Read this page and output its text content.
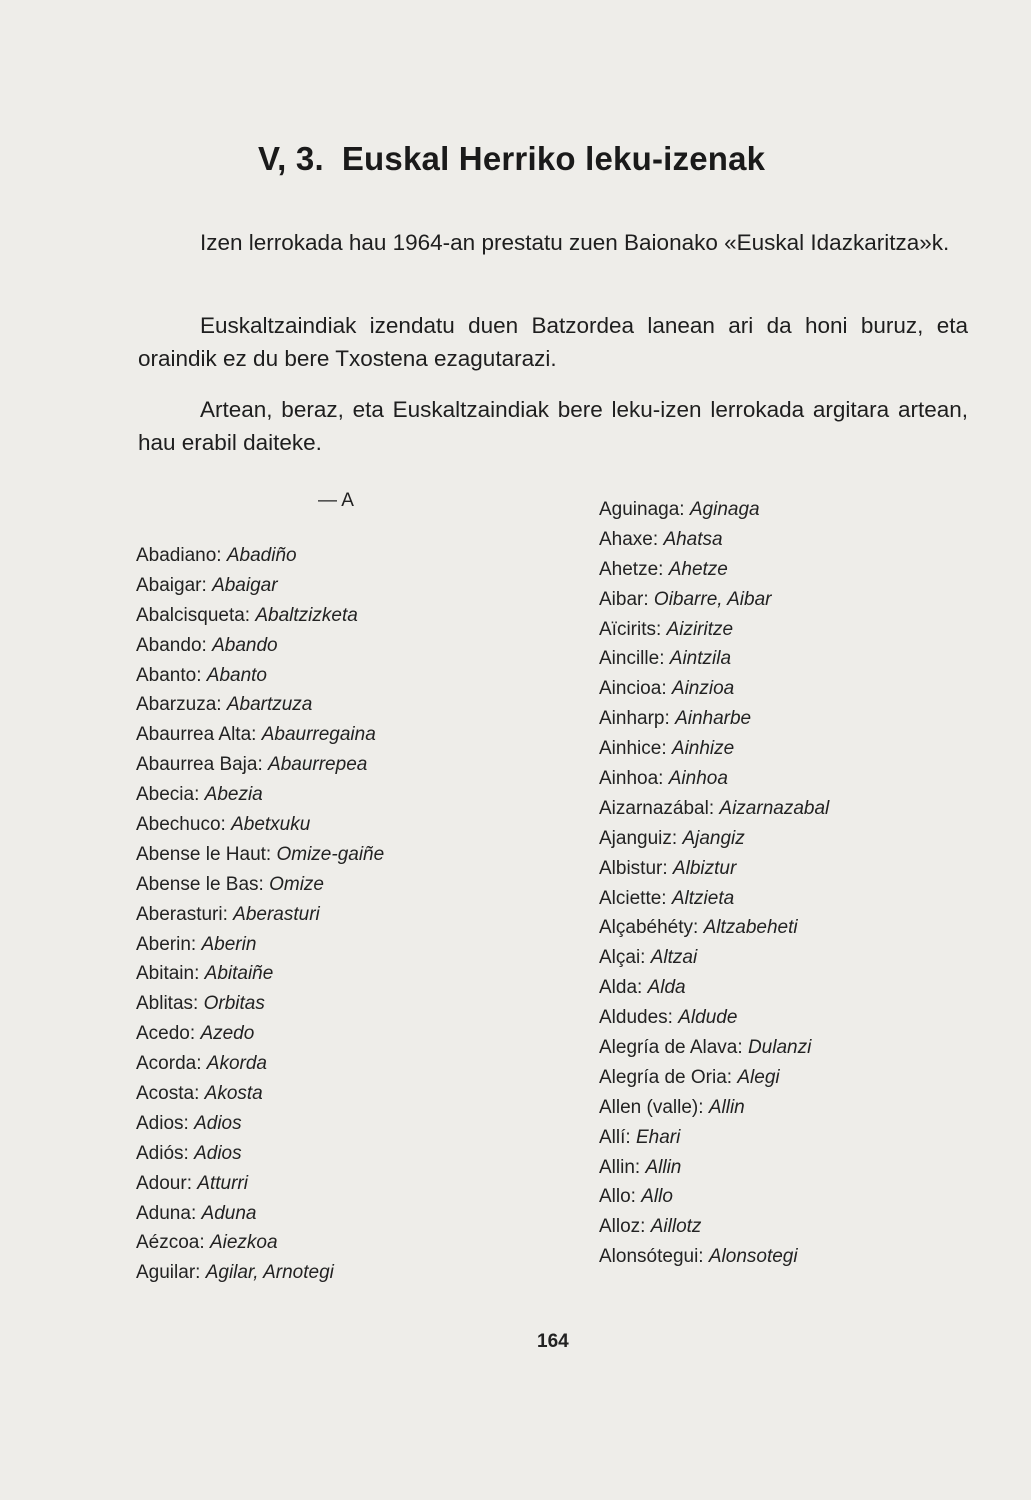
V, 3. Euskal Herriko leku-izenak

Izen lerrokada hau 1964-an prestatu zuen Baionako «Euskal Idazkaritza»k.

Euskaltzaindiak izendatu duen Batzordea lanean ari da honi buruz, eta oraindik ez du bere Txostena ezagutarazi.

Artean, beraz, eta Euskaltzaindiak bere leku-izen lerrokada argitara artean, hau erabil daiteke.

— A
Abadiano: Abadiño
Abaigar: Abaigar
Abalcisqueta: Abaltzizketa
Abando: Abando
Abanto: Abanto
Abarzuza: Abartzuza
Abaurrea Alta: Abaurregaina
Abaurrea Baja: Abaurrepea
Abecia: Abezia
Abechuco: Abetxuku
Abense le Haut: Omize-gaiñe
Abense le Bas: Omize
Aberasturi: Aberasturi
Aberin: Aberin
Abitain: Abitaiñe
Ablitas: Orbitas
Acedo: Azedo
Acorda: Akorda
Acosta: Akosta
Adios: Adios
Adiós: Adios
Adour: Atturri
Aduna: Aduna
Aézcoa: Aiezkoa
Aguilar: Agilar, Arnotegi
Aguinaga: Aginaga
Ahaxe: Ahatsa
Ahetze: Ahetze
Aibar: Oibarre, Aibar
Aïcirits: Aiziritze
Aincille: Aintzila
Aincioa: Ainzioa
Ainharp: Ainharbe
Ainhice: Ainhize
Ainhoa: Ainhoa
Aizarnazábal: Aizarnazabal
Ajanguiz: Ajangiz
Albistur: Albiztur
Alciette: Altzieta
Alçabéhéty: Altzabeheti
Alçai: Altzai
Alda: Alda
Aldudes: Aldude
Alegría de Alava: Dulanzi
Alegría de Oria: Alegi
Allen (valle): Allin
Allí: Ehari
Allin: Allin
Allo: Allo
Alloz: Aillotz
Alonsótegui: Alonsotegi
164
